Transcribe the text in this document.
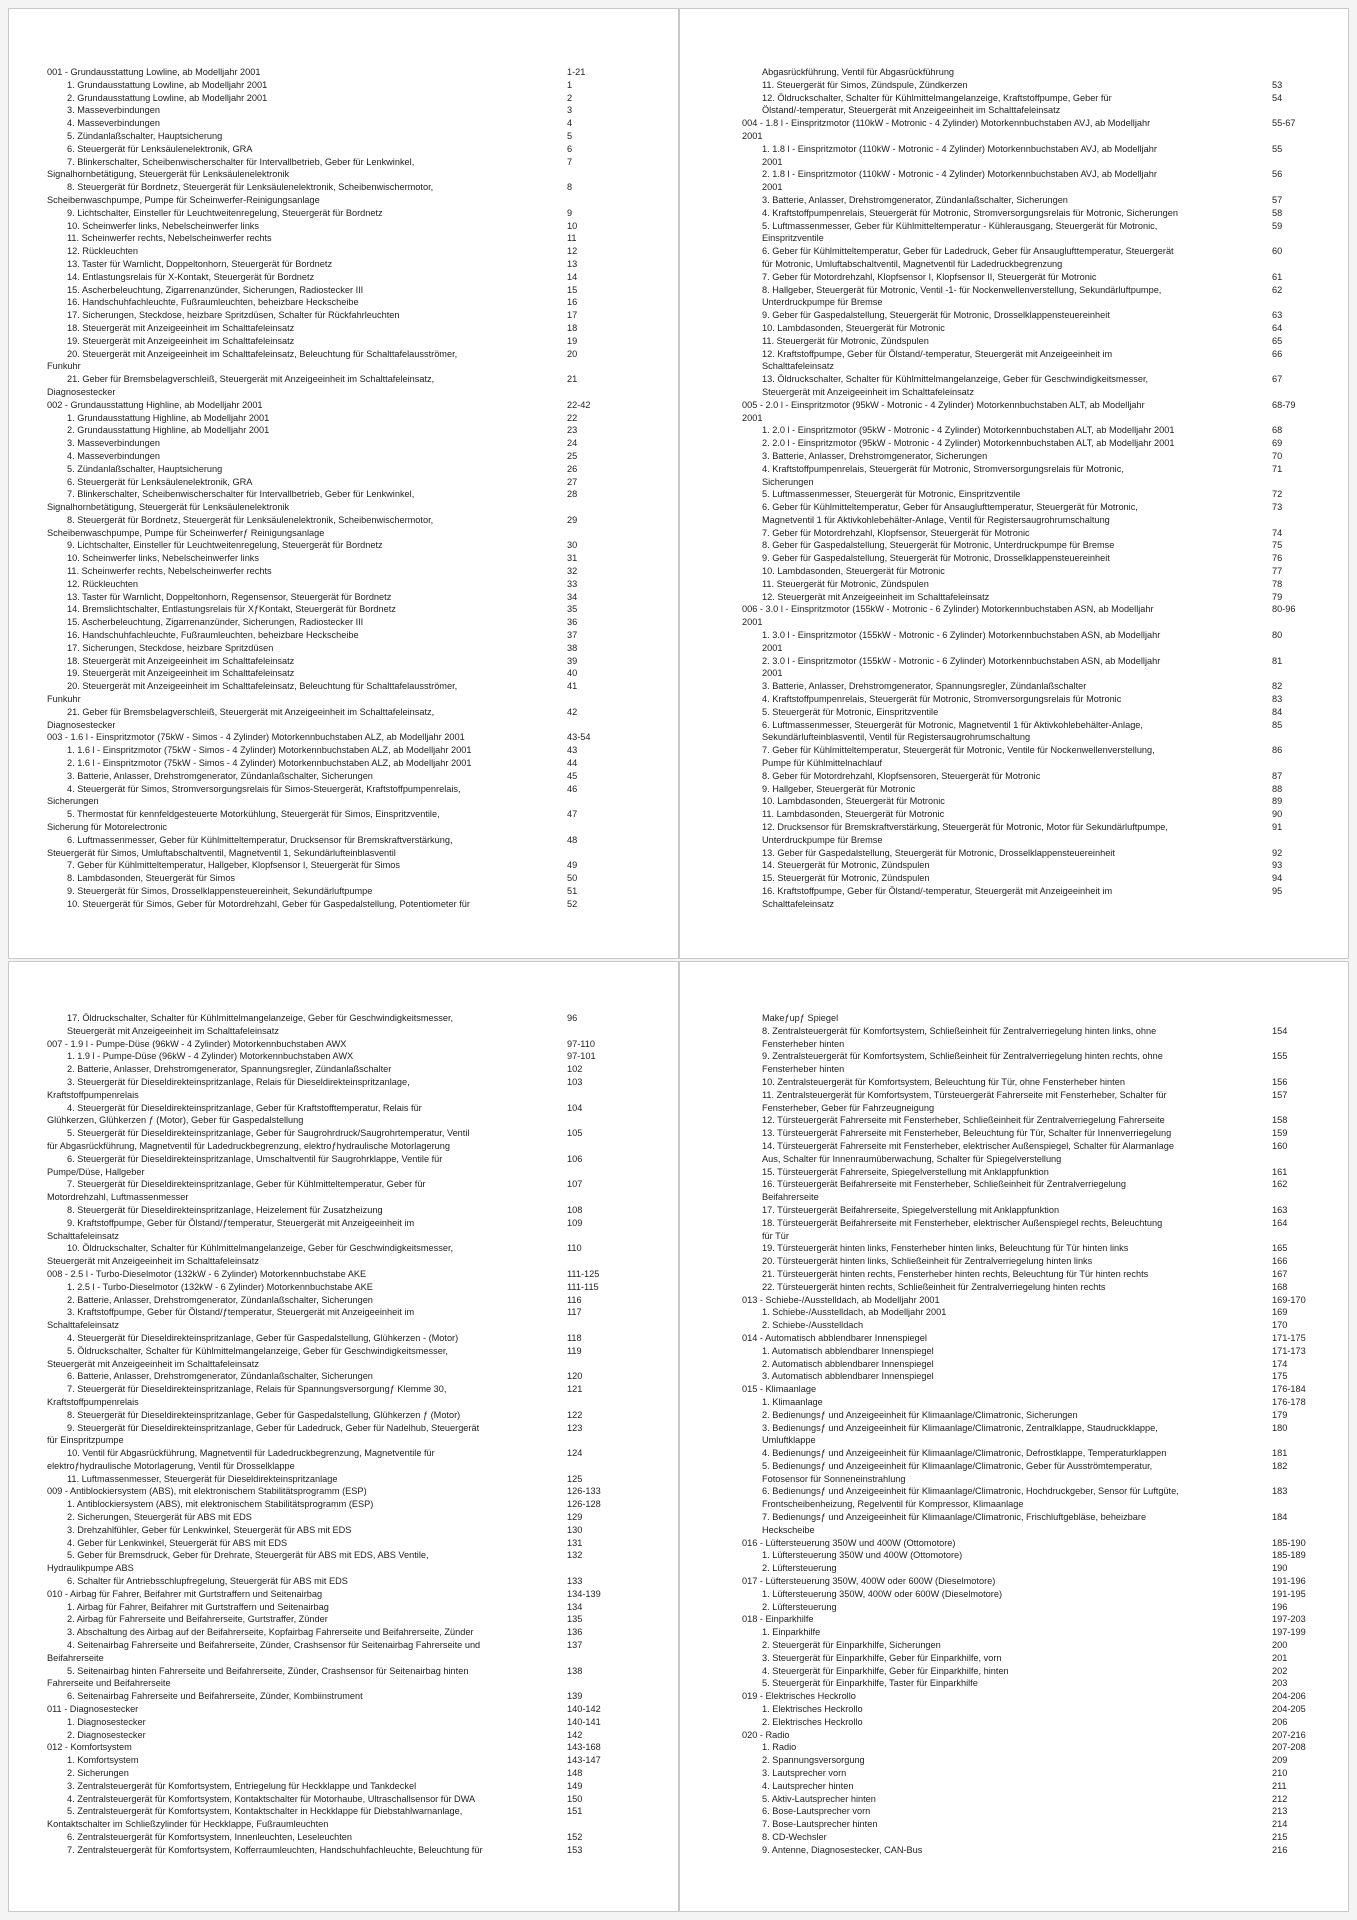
001 - Grundausstattung Lowline, ab Modelljahr 2001	1-21
1. Grundausstattung Lowline, ab Modelljahr 2001	1
2. Grundausstattung Lowline, ab Modelljahr 2001	2
3. Masseverbindungen	3
4. Masseverbindungen	4
5. Zündanlaßschalter, Hauptsicherung	5
6. Steuergerät für Lenksäulenelektronik, GRA	6
7. Blinkerschalter, Scheibenwischerschalter für Intervallbetrieb, Geber für Lenkwinkel,	7
Signalhornbetätigung, Steuergerät für Lenksäulenelektronik
8. Steuergerät für Bordnetz, Steuergerät für Lenksäulenelektronik, Scheibenwischermotor,	8
Scheibenwaschpumpe, Pumpe für Scheinwerfer-Reinigungsanlage
9. Lichtschalter, Einsteller für Leuchtweitenregelung, Steuergerät für Bordnetz	9
10. Scheinwerfer links, Nebelscheinwerfer links	10
11. Scheinwerfer rechts, Nebelscheinwerfer rechts	11
12. Rückleuchten	12
13. Taster für Warnlicht, Doppeltonhorn, Steuergerät für Bordnetz	13
14. Entlastungsrelais für X-Kontakt, Steuergerät für Bordnetz	14
15. Ascherbeleuchtung, Zigarrenanzünder, Sicherungen, Radiostecker III	15
16. Handschuhfachleuchte, Fußraumleuchten, beheizbare Heckscheibe	16
17. Sicherungen, Steckdose, heizbare Spritzdüsen, Schalter für Rückfahrleuchten	17
18. Steuergerät mit Anzeigeeinheit im Schalttafeleinsatz	18
19. Steuergerät mit Anzeigeeinheit im Schalttafeleinsatz	19
20. Steuergerät mit Anzeigeeinheit im Schalttafeleinsatz, Beleuchtung für Schalttafelausströmer,	20
Funkuhr
21. Geber für Bremsbelagverschleiß, Steuergerät mit Anzeigeeinheit im Schalttafeleinsatz,	21
Diagnosestecker
002 - Grundausstattung Highline, ab Modelljahr 2001	22-42
1. Grundausstattung Highline, ab Modelljahr 2001	22
2. Grundausstattung Highline, ab Modelljahr 2001	23
3. Masseverbindungen	24
4. Masseverbindungen	25
5. Zündanlaßschalter, Hauptsicherung	26
6. Steuergerät für Lenksäulenelektronik, GRA	27
7. Blinkerschalter, Scheibenwischerschalter für Intervallbetrieb, Geber für Lenkwinkel,	28
Signalhornbetätigung, Steuergerät für Lenksäulenelektronik
8. Steuergerät für Bordnetz, Steuergerät für Lenksäulenelektronik, Scheibenwischermotor,	29
Scheibenwaschpumpe, Pumpe für Scheinwerferƒ Reinigungsanlage
9. Lichtschalter, Einsteller für Leuchtweitenregelung, Steuergerät für Bordnetz	30
10. Scheinwerfer links, Nebelscheinwerfer links	31
11. Scheinwerfer rechts, Nebelscheinwerfer rechts	32
12. Rückleuchten	33
13. Taster für Warnlicht, Doppeltonhorn, Regensensor, Steuergerät für Bordnetz	34
14. Bremslichtschalter, Entlastungsrelais für XƒKontakt, Steuergerät für Bordnetz	35
15. Ascherbeleuchtung, Zigarrenanzünder, Sicherungen, Radiostecker III	36
16. Handschuhfachleuchte, Fußraumleuchten, beheizbare Heckscheibe	37
17. Sicherungen, Steckdose, heizbare Spritzdüsen	38
18. Steuergerät mit Anzeigeeinheit im Schalttafeleinsatz	39
19. Steuergerät mit Anzeigeeinheit im Schalttafeleinsatz	40
20. Steuergerät mit Anzeigeeinheit im Schalttafeleinsatz, Beleuchtung für Schalttafelausströmer,	41
Funkuhr
21. Geber für Bremsbelagverschleiß, Steuergerät mit Anzeigeeinheit im Schalttafeleinsatz,	42
Diagnosestecker
003 - 1.6 l - Einspritzmotor (75kW - Simos - 4 Zylinder) Motorkennbuchstaben ALZ, ab Modelljahr 2001	43-54
1. 1.6 l - Einspritzmotor (75kW - Simos - 4 Zylinder) Motorkennbuchstaben ALZ, ab Modelljahr 2001	43
2. 1.6 l - Einspritzmotor (75kW - Simos - 4 Zylinder) Motorkennbuchstaben ALZ, ab Modelljahr 2001	44
3. Batterie, Anlasser, Drehstromgenerator, Zündanlaßschalter, Sicherungen	45
4. Steuergerät für Simos, Stromversorgungsrelais für Simos-Steuergerät, Kraftstoffpumpenrelais,	46
Sicherungen
5. Thermostat für kennfeldgesteuerte Motorkühlung, Steuergerät für Simos, Einspritzventile,	47
Sicherung für Motorelectronic
6. Luftmassenmesser, Geber für Kühlmitteltemperatur, Drucksensor für Bremskraftverstärkung,	48
Steuergerät für Simos, Umluftabschaltventil, Magnetventil 1, Sekundärlufteinblasventil
7. Geber für Kühlmitteltemperatur, Hallgeber, Klopfsensor I, Steuergerät für Simos	49
8. Lambdasonden, Steuergerät für Simos	50
9. Steuergerät für Simos, Drosselklappensteuereinheit, Sekundärluftpumpe	51
10. Steuergerät für Simos, Geber für Motordrehzahl, Geber für Gaspedalstellung, Potentiometer für	52
Abgasrückführung, Ventil für Abgasrückführung
11. Steuergerät für Simos, Zündspule, Zündkerzen	53
12. Öldruckschalter, Schalter für Kühlmittelmangelanzeige, Kraftstoffpumpe, Geber für	54
Ölstand/-temperatur, Steuergerät mit Anzeigeeinheit im Schalttafeleinsatz
004 - 1.8 l - Einspritzmotor (110kW - Motronic - 4 Zylinder) Motorkennbuchstaben AVJ, ab Modelljahr	55-67
2001
1. 1.8 l - Einspritzmotor (110kW - Motronic - 4 Zylinder) Motorkennbuchstaben AVJ, ab Modelljahr	55
2001
2. 1.8 l - Einspritzmotor (110kW - Motronic - 4 Zylinder) Motorkennbuchstaben AVJ, ab Modelljahr	56
2001
3. Batterie, Anlasser, Drehstromgenerator, Zündanlaßschalter, Sicherungen	57
4. Kraftstoffpumpenrelais, Steuergerät für Motronic, Stromversorgungsrelais für Motronic, Sicherungen	58
5. Luftmassenmesser, Geber für Kühlmitteltemperatur - Kühlerausgang, Steuergerät für Motronic,	59
Einspritzventile
6. Geber für Kühlmitteltemperatur, Geber für Ladedruck, Geber für Ansauglufttemperatur, Steuergerät	60
für Motronic, Umluftabschaltventil, Magnetventil für Ladedruckbegrenzung
7. Geber für Motordrehzahl, Klopfsensor I, Klopfsensor II, Steuergerät für Motronic	61
8. Hallgeber, Steuergerät für Motronic, Ventil -1- für Nockenwellenverstellung, Sekundärluftpumpe,	62
Unterdruckpumpe für Bremse
9. Geber für Gaspedalstellung, Steuergerät für Motronic, Drosselklappensteuereinheit	63
10. Lambdasonden, Steuergerät für Motronic	64
11. Steuergerät für Motronic, Zündspulen	65
12. Kraftstoffpumpe, Geber für Ölstand/-temperatur, Steuergerät mit Anzeigeeinheit im	66
Schalttafeleinsatz
13. Öldruckschalter, Schalter für Kühlmittelmangelanzeige, Geber für Geschwindigkeitsmesser,	67
Steuergerät mit Anzeigeeinheit im Schalttafeleinsatz
005 - 2.0 l - Einspritzmotor (95kW - Motronic - 4 Zylinder) Motorkennbuchstaben ALT, ab Modelljahr	68-79
2001
1. 2.0 l - Einspritzmotor (95kW - Motronic - 4 Zylinder) Motorkennbuchstaben ALT, ab Modelljahr 2001	68
2. 2.0 l - Einspritzmotor (95kW - Motronic - 4 Zylinder) Motorkennbuchstaben ALT, ab Modelljahr 2001	69
3. Batterie, Anlasser, Drehstromgenerator, Sicherungen	70
4. Kraftstoffpumpenrelais, Steuergerät für Motronic, Stromversorgungsrelais für Motronic,	71
Sicherungen
5. Luftmassenmesser, Steuergerät für Motronic, Einspritzventile	72
6. Geber für Kühlmitteltemperatur, Geber für Ansauglufttemperatur, Steuergerät für Motronic,	73
Magnetventil 1 für Aktivkohlebehälter-Anlage, Ventil für Registersaugrohrumschaltung
7. Geber für Motordrehzahl, Klopfsensor, Steuergerät für Motronic	74
8. Geber für Gaspedalstellung, Steuergerät für Motronic, Unterdruckpumpe für Bremse	75
9. Geber für Gaspedalstellung, Steuergerät für Motronic, Drosselklappensteuereinheit	76
10. Lambdasonden, Steuergerät für Motronic	77
11. Steuergerät für Motronic, Zündspulen	78
12. Steuergerät mit Anzeigeeinheit im Schalttafeleinsatz	79
006 - 3.0 l - Einspritzmotor (155kW - Motronic - 6 Zylinder) Motorkennbuchstaben ASN, ab Modelljahr	80-96
2001
1. 3.0 l - Einspritzmotor (155kW - Motronic - 6 Zylinder) Motorkennbuchstaben ASN, ab Modelljahr	80
2001
2. 3.0 l - Einspritzmotor (155kW - Motronic - 6 Zylinder) Motorkennbuchstaben ASN, ab Modelljahr	81
2001
3. Batterie, Anlasser, Drehstromgenerator, Spannungsregler, Zündanlaßschalter	82
4. Kraftstoffpumpenrelais, Steuergerät für Motronic, Stromversorgungsrelais für Motronic	83
5. Steuergerät für Motronic, Einspritzventile	84
6. Luftmassenmesser, Steuergerät für Motronic, Magnetventil 1 für Aktivkohlebehälter-Anlage,	85
Sekundärlufteinblasventil, Ventil für Registersaugrohrumschaltung
7. Geber für Kühlmitteltemperatur, Steuergerät für Motronic, Ventile für Nockenwellenverstellung,	86
Pumpe für Kühlmittelnachlauf
8. Geber für Motordrehzahl, Klopfsensoren, Steuergerät für Motronic	87
9. Hallgeber, Steuergerät für Motronic	88
10. Lambdasonden, Steuergerät für Motronic	89
11. Lambdasonden, Steuergerät für Motronic	90
12. Drucksensor für Bremskraftverstärkung, Steuergerät für Motronic, Motor für Sekundärluftpumpe,	91
Unterdruckpumpe für Bremse
13. Geber für Gaspedalstellung, Steuergerät für Motronic, Drosselklappensteuereinheit	92
14. Steuergerät für Motronic, Zündspulen	93
15. Steuergerät für Motronic, Zündspulen	94
16. Kraftstoffpumpe, Geber für Ölstand/-temperatur, Steuergerät mit Anzeigeeinheit im	95
Schalttafeleinsatz
17. Öldruckschalter, Schalter für Kühlmittelmangelanzeige, Geber für Geschwindigkeitsmesser,	96
Steuergerät mit Anzeigeeinheit im Schalttafeleinsatz
007 - 1.9 l - Pumpe-Düse (96kW - 4 Zylinder) Motorkennbuchstaben AWX	97-110
1. 1.9 l - Pumpe-Düse (96kW - 4 Zylinder) Motorkennbuchstaben AWX	97-101
2. Batterie, Anlasser, Drehstromgenerator, Spannungsregler, Zündanlaßschalter	102
3. Steuergerät für Dieseldirekteinspritzanlage, Relais für Dieseldirekteinspritzanlage,	103
Kraftstoffpumpenrelais
4. Steuergerät für Dieseldirekteinspritzanlage, Geber für Kraftstofftemperatur, Relais für	104
Glühkerzen, Glühkerzen ƒ (Motor), Geber für Gaspedalstellung
5. Steuergerät für Dieseldirekteinspritzanlage, Geber für Saugrohrdruck/Saugrohrtemperatur, Ventil	105
für Abgasrückführung, Magnetventil für Ladedruckbegrenzung, elektroƒhydraulische Motorlagerung
6. Steuergerät für Dieseldirekteinspritzanlage, Umschaltventil für Saugrohrklappe, Ventile für	106
Pumpe/Düse, Hallgeber
7. Steuergerät für Dieseldirekteinspritzanlage, Geber für Kühlmitteltemperatur, Geber für	107
Motordrehzahl, Luftmassenmesser
8. Steuergerät für Dieseldirekteinspritzanlage, Heizelement für Zusatzheizung	108
9. Kraftstoffpumpe, Geber für Ölstand/ƒtemperatur, Steuergerät mit Anzeigeeinheit im	109
Schalttafeleinsatz
10. Öldruckschalter, Schalter für Kühlmittelmangelanzeige, Geber für Geschwindigkeitsmesser,	110
Steuergerät mit Anzeigeeinheit im Schalttafeleinsatz
008 - 2.5 l - Turbo-Dieselmotor (132kW - 6 Zylinder) Motorkennbuchstabe AKE	111-125
1. 2.5 l - Turbo-Dieselmotor (132kW - 6 Zylinder) Motorkennbuchstabe AKE	111-115
2. Batterie, Anlasser, Drehstromgenerator, Zündanlaßschalter, Sicherungen	116
3. Kraftstoffpumpe, Geber für Ölstand/ƒtemperatur, Steuergerät mit Anzeigeeinheit im	117
Schalttafeleinsatz
4. Steuergerät für Dieseldirekteinspritzanlage, Geber für Gaspedalstellung, Glühkerzen - (Motor)	118
5. Öldruckschalter, Schalter für Kühlmittelmangelanzeige, Geber für Geschwindigkeitsmesser,	119
Steuergerät mit Anzeigeeinheit im Schalttafeleinsatz
6. Batterie, Anlasser, Drehstromgenerator, Zündanlaßschalter, Sicherungen	120
7. Steuergerät für Dieseldirekteinspritzanlage, Relais für Spannungsversorgungƒ Klemme 30,	121
Kraftstoffpumpenrelais
8. Steuergerät für Dieseldirekteinspritzanlage, Geber für Gaspedalstellung, Glühkerzen ƒ (Motor)	122
9. Steuergerät für Dieseldirekteinspritzanlage, Geber für Ladedruck, Geber für Nadelhub, Steuergerät	123
für Einspritzpumpe
10. Ventil für Abgasrückführung, Magnetventil für Ladedruckbegrenzung, Magnetventile für	124
elektroƒhydraulische Motorlagerung, Ventil für Drosselklappe
11. Luftmassenmesser, Steuergerät für Dieseldirekteinspritzanlage	125
009 - Antiblockiersystem (ABS), mit elektronischem Stabilitätsprogramm (ESP)	126-133
1. Antiblockiersystem (ABS), mit elektronischem Stabilitätsprogramm (ESP)	126-128
2. Sicherungen, Steuergerät für ABS mit EDS	129
3. Drehzahlfühler, Geber für Lenkwinkel, Steuergerät für ABS mit EDS	130
4. Geber für Lenkwinkel, Steuergerät für ABS mit EDS	131
5. Geber für Bremsdruck, Geber für Drehrate, Steuergerät für ABS mit EDS, ABS Ventile,	132
Hydraulikpumpe ABS
6. Schalter für Antriebsschlupfregelung, Steuergerät für ABS mit EDS	133
010 - Airbag für Fahrer, Beifahrer mit Gurtstraffern und Seitenairbag	134-139
1. Airbag für Fahrer, Beifahrer mit Gurtstraffern und Seitenairbag	134
2. Airbag für Fahrerseite und Beifahrerseite, Gurtstraffer, Zünder	135
3. Abschaltung des Airbag auf der Beifahrerseite, Kopfairbag Fahrerseite und Beifahrerseite, Zünder	136
4. Seitenairbag Fahrerseite und Beifahrerseite, Zünder, Crashsensor für Seitenairbag Fahrerseite und	137
Beifahrerseite
5. Seitenairbag hinten Fahrerseite und Beifahrerseite, Zünder, Crashsensor für Seitenairbag hinten	138
Fahrerseite und Beifahrerseite
6. Seitenairbag Fahrerseite und Beifahrerseite, Zünder, Kombiinstrument	139
011 - Diagnosestecker	140-142
1. Diagnosestecker	140-141
2. Diagnosestecker	142
012 - Komfortsystem	143-168
1. Komfortsystem	143-147
2. Sicherungen	148
3. Zentralsteuergerät für Komfortsystem, Entriegelung für Heckklappe und Tankdeckel	149
4. Zentralsteuergerät für Komfortsystem, Kontaktschalter für Motorhaube, Ultraschallsensor für DWA	150
5. Zentralsteuergerät für Komfortsystem, Kontaktschalter in Heckklappe für Diebstahlwarnanlage,	151
Kontaktschalter im Schließzylinder für Heckklappe, Fußraumleuchten
6. Zentralsteuergerät für Komfortsystem, Innenleuchten, Leseleuchten	152
7. Zentralsteuergerät für Komfortsystem, Kofferraumleuchten, Handschuhfachleuchte, Beleuchtung für	153
Makeƒupƒ Spiegel
8. Zentralsteuergerät für Komfortsystem, Schließeinheit für Zentralverriegelung hinten links, ohne	154
Fensterheber hinten
9. Zentralsteuergerät für Komfortsystem, Schließeinheit für Zentralverriegelung hinten rechts, ohne	155
Fensterheber hinten
10. Zentralsteuergerät für Komfortsystem, Beleuchtung für Tür, ohne Fensterheber hinten	156
11. Zentralsteuergerät für Komfortsystem, Türsteuergerät Fahrerseite mit Fensterheber, Schalter für	157
Fensterheber, Geber für Fahrzeugneigung
12. Türsteuergerät Fahrerseite mit Fensterheber, Schließeinheit für Zentralverriegelung Fahrerseite	158
13. Türsteuergerät Fahrerseite mit Fensterheber, Beleuchtung für Tür, Schalter für Innenverriegelung	159
14. Türsteuergerät Fahrerseite mit Fensterheber, elektrischer Außenspiegel, Schalter für Alarmanlage	160
Aus, Schalter für Innenraumüberwachung, Schalter für Spiegelverstellung
15. Türsteuergerät Fahrerseite, Spiegelverstellung mit Anklappfunktion	161
16. Türsteuergerät Beifahrerseite mit Fensterheber, Schließeinheit für Zentralverriegelung	162
Beifahrerseite
17. Türsteuergerät Beifahrerseite, Spiegelverstellung mit Anklappfunktion	163
18. Türsteuergerät Beifahrerseite mit Fensterheber, elektrischer Außenspiegel rechts, Beleuchtung	164
für Tür
19. Türsteuergerät hinten links, Fensterheber hinten links, Beleuchtung für Tür hinten links	165
20. Türsteuergerät hinten links, Schließeinheit für Zentralverriegelung hinten links	166
21. Türsteuergerät hinten rechts, Fensterheber hinten rechts, Beleuchtung für Tür hinten rechts	167
22. Türsteuergerät hinten rechts, Schließeinheit für Zentralverriegelung hinten rechts	168
013 - Schiebe-/Ausstelldach, ab Modelljahr 2001	169-170
1. Schiebe-/Ausstelldach, ab Modelljahr 2001	169
2. Schiebe-/Ausstelldach	170
014 - Automatisch abblendbarer Innenspiegel	171-175
1. Automatisch abblendbarer Innenspiegel	171-173
2. Automatisch abblendbarer Innenspiegel	174
3. Automatisch abblendbarer Innenspiegel	175
015 - Klimaanlage	176-184
1. Klimaanlage	176-178
2. Bedienungsƒ und Anzeigeeinheit für Klimaanlage/Climatronic, Sicherungen	179
3. Bedienungsƒ und Anzeigeeinheit für Klimaanlage/Climatronic, Zentralklappe, Staudruckklappe,	180
Umluftklappe
4. Bedienungsƒ und Anzeigeeinheit für Klimaanlage/Climatronic, Defrostklappe, Temperaturklappen	181
5. Bedienungsƒ und Anzeigeeinheit für Klimaanlage/Climatronic, Geber für Ausströmtemperatur,	182
Fotosensor für Sonneneinstrahlung
6. Bedienungsƒ und Anzeigeeinheit für Klimaanlage/Climatronic, Hochdruckgeber, Sensor für Luftgüte,	183
Frontscheibenheizung, Regelventil für Kompressor, Klimaanlage
7. Bedienungsƒ und Anzeigeeinheit für Klimaanlage/Climatronic, Frischluftgebläse, beheizbare	184
Heckscheibe
016 - Lüftersteuerung 350W und 400W (Ottomotore)	185-190
1. Lüftersteuerung 350W und 400W (Ottomotore)	185-189
2. Lüftersteuerung	190
017 - Lüftersteuerung 350W, 400W oder 600W (Dieselmotore)	191-196
1. Lüftersteuerung 350W, 400W oder 600W (Dieselmotore)	191-195
2. Lüftersteuerung	196
018 - Einparkhilfe	197-203
1. Einparkhilfe	197-199
2. Steuergerät für Einparkhilfe, Sicherungen	200
3. Steuergerät für Einparkhilfe, Geber für Einparkhilfe, vorn	201
4. Steuergerät für Einparkhilfe, Geber für Einparkhilfe, hinten	202
5. Steuergerät für Einparkhilfe, Taster für Einparkhilfe	203
019 - Elektrisches Heckrollo	204-206
1. Elektrisches Heckrollo	204-205
2. Elektrisches Heckrollo	206
020 - Radio	207-216
1. Radio	207-208
2. Spannungsversorgung	209
3. Lautsprecher vorn	210
4. Lautsprecher hinten	211
5. Aktiv-Lautsprecher hinten	212
6. Bose-Lautsprecher vorn	213
7. Bose-Lautsprecher hinten	214
8. CD-Wechsler	215
9. Antenne, Diagnosestecker, CAN-Bus	216
